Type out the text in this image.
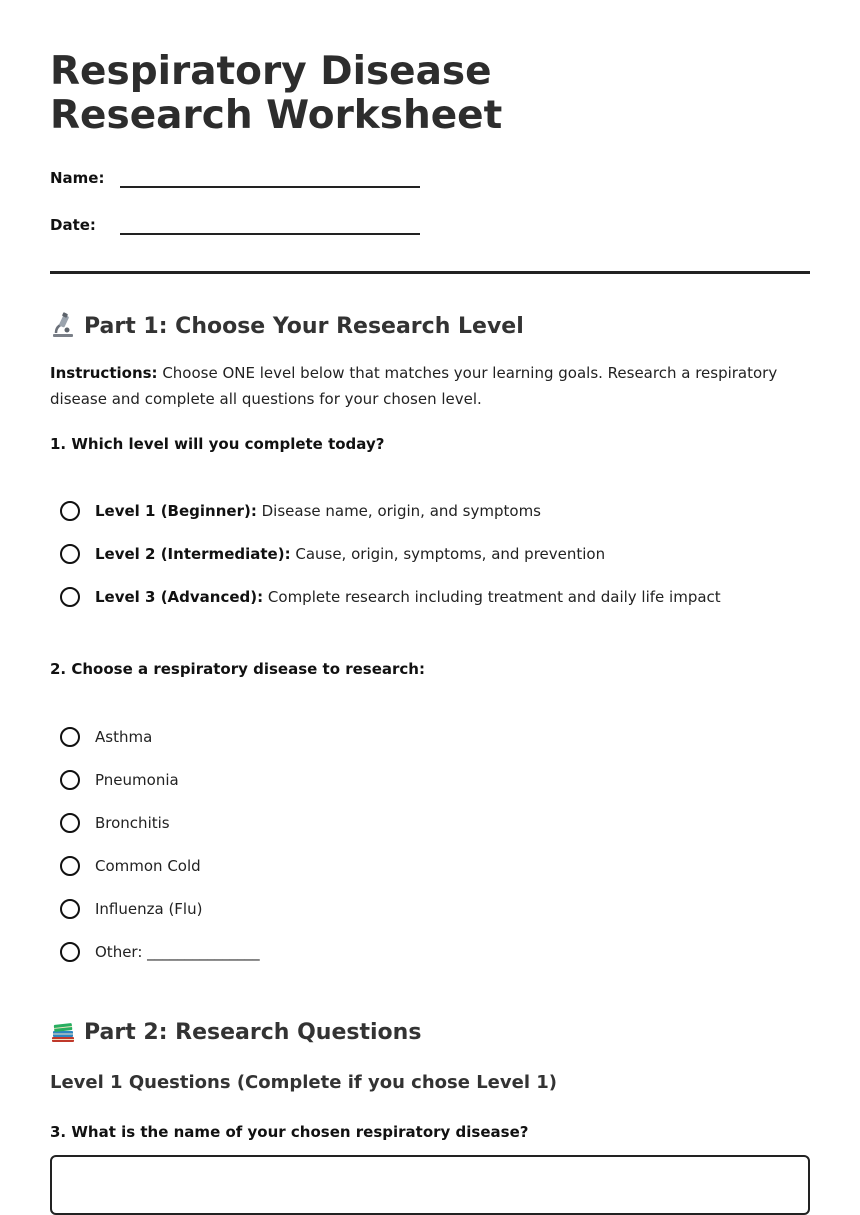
Respiratory Disease Research Worksheet
Name:
Date:
Part 1: Choose Your Research Level

Instructions: Choose ONE level below that matches your learning goals. Research a respiratory disease and complete all questions for your chosen level.

1. Which level will you complete today?

Level 1 (Beginner): Disease name, origin, and symptoms
Level 2 (Intermediate): Cause, origin, symptoms, and prevention
Level 3 (Advanced): Complete research including treatment and daily life impact

2. Choose a respiratory disease to research:

Asthma
Pneumonia
Bronchitis
Common Cold
Influenza (Flu)
Other: _______________
Part 2: Research Questions
Level 1 Questions (Complete if you chose Level 1)

3. What is the name of your chosen respiratory disease?
